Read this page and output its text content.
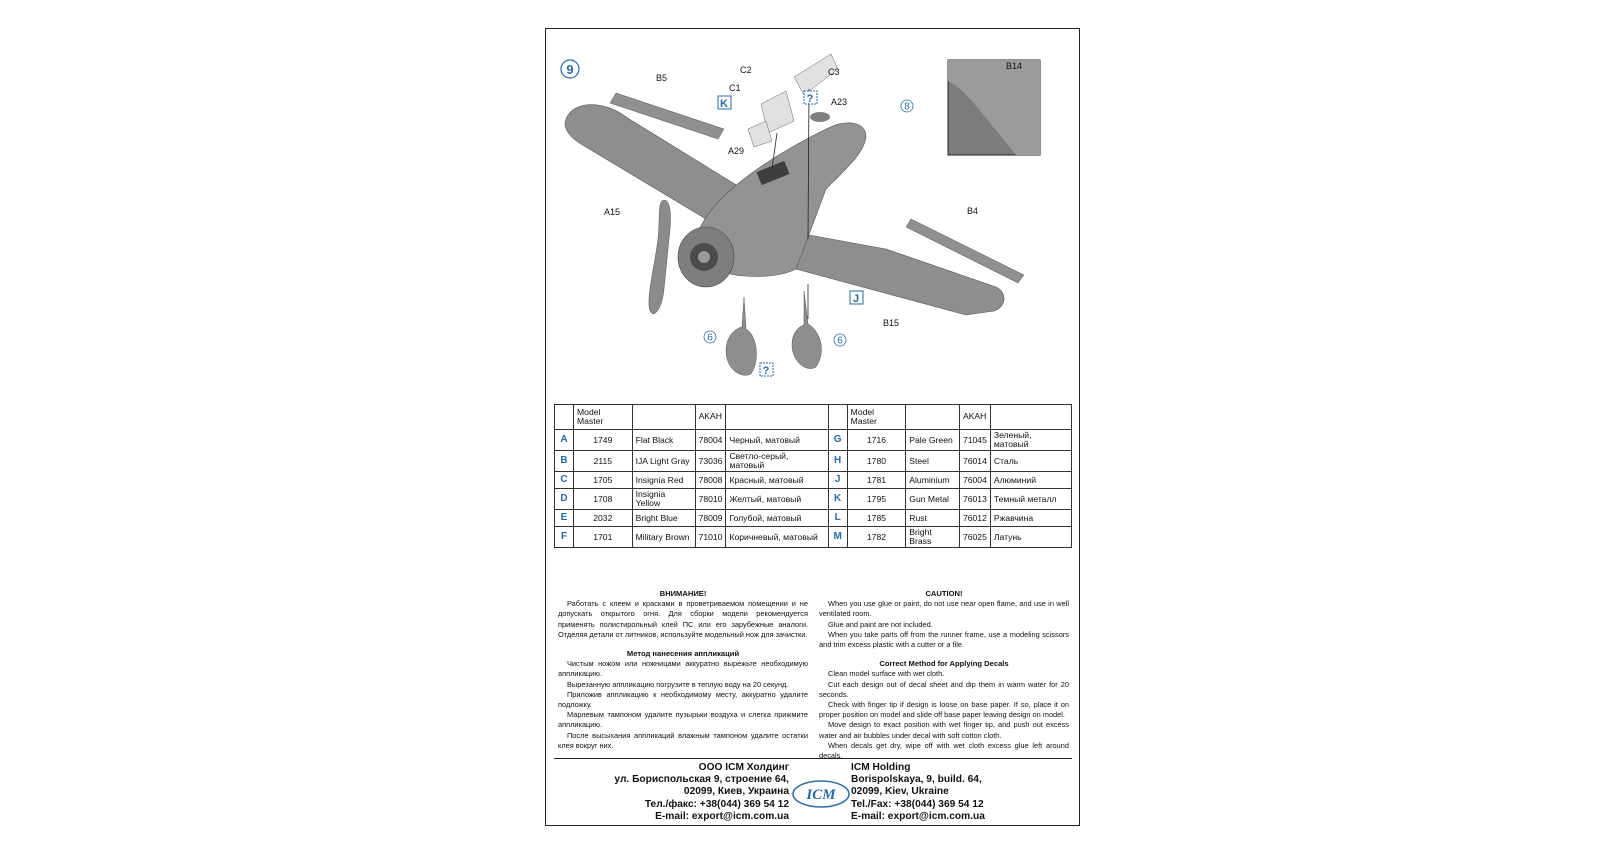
9
B5
C2	C3
C1
A23
A29
A15	B4
B14
B15
K	?
J
?
8
6	6
	Model Master		AKAH			Model Master		AKAH	
A	1749	Flat Black	78004	Черный, матовый	G	1716	Pale Green	71045	Зеленый, матовый
B	2115	IJA Light Gray	73036	Светло-серый, матовый	H	1780	Steel	76014	Сталь
C	1705	Insignia Red	78008	Красный, матовый	J	1781	Aluminium	76004	Алюминий
D	1708	Insignia Yellow	78010	Желтый, матовый	K	1795	Gun Metal	76013	Темный металл
E	2032	Bright Blue	78009	Голубой, матовый	L	1785	Rust	76012	Ржавчина
F	1701	Military Brown	71010	Коричневый, матовый	M	1782	Bright Brass	76025	Латунь
ВНИМАНИЕ!

Работать с клеем и красками в проветриваемом помещении и не допускать открытого огня. Для сборки модели рекомендуется применять полистирольный клей ПС или его зарубежные аналоги. Отделяя детали от литников, используйте модельный нож для зачистки.

Метод нанесения аппликаций

Чистым ножом или ножницами аккуратно вырежьте необходимую аппликацию.

Вырезанную аппликацию погрузите в теплую воду на 20 секунд.

Приложив аппликацию к необходимому месту, аккуратно удалите подложку.

Марлевым тампоном удалите пузырьки воздуха и слегка прижмите аппликацию.

После высыхания аппликаций влажным тампоном удалите остатки клея вокруг них.

CAUTION!

When you use glue or paint, do not use near open flame, and use in well ventilated room.

Glue and paint are not included.

When you take parts off from the runner frame, use a modeling scissors and trim excess plastic with a cutter or a file.

Correct Method for Applying Decals

Clean model surface with wet cloth.

Cut each design out of decal sheet and dip them in warm water for 20 seconds.

Check with finger tip if design is loose on base paper. If so, place it on proper position on model and slide off base paper leaving design on model.

Move design to exact position with wet finger tip, and push out excess water and air bubbles under decal with soft cotton cloth.

When decals get dry, wipe off with wet cloth excess glue left around decals.

ООО ICM Холдинг
ул. Бориспольская 9, строение 64,
02099, Киев, Украина
Тел./факс: +38(044) 369 54 12
E-mail: export@icm.com.ua
ICM
ICM Holding
Borispolskaya, 9, build. 64,
02099, Kiev, Ukraine
Tel./Fax: +38(044) 369 54 12
E-mail: export@icm.com.ua
